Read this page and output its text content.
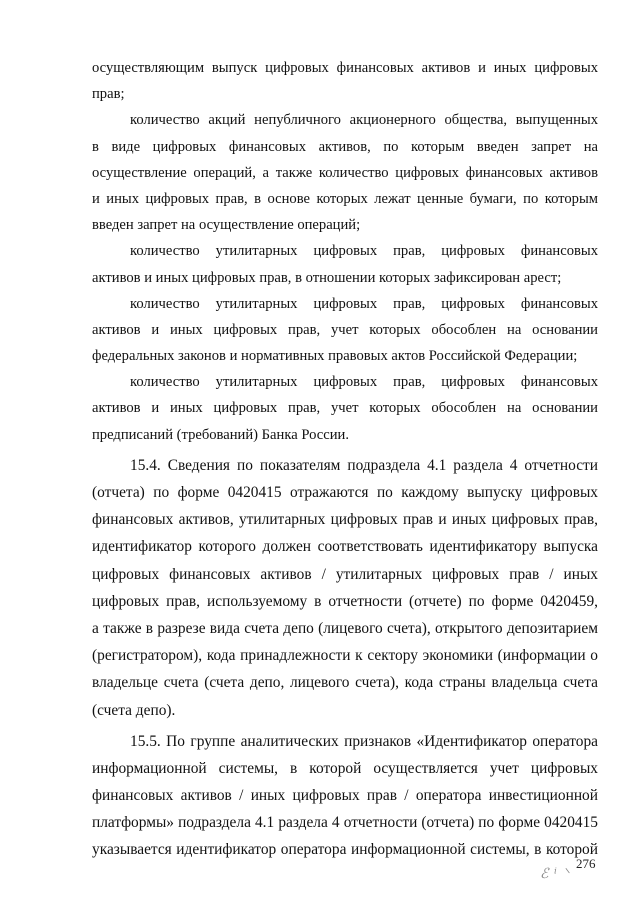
осуществляющим выпуск цифровых финансовых активов и иных цифровых
прав;
количество акций непубличного акционерного общества, выпущенных
в виде цифровых финансовых активов, по которым введен запрет на
осуществление операций, а также количество цифровых финансовых активов
и иных цифровых прав, в основе которых лежат ценные бумаги, по которым
введен запрет на осуществление операций;
количество утилитарных цифровых прав, цифровых финансовых
активов и иных цифровых прав, в отношении которых зафиксирован арест;
количество утилитарных цифровых прав, цифровых финансовых
активов и иных цифровых прав, учет которых обособлен на основании
федеральных законов и нормативных правовых актов Российской Федерации;
количество утилитарных цифровых прав, цифровых финансовых
активов и иных цифровых прав, учет которых обособлен на основании
предписаний (требований) Банка России.
15.4. Сведения по показателям подраздела 4.1 раздела 4 отчетности
(отчета) по форме 0420415 отражаются по каждому выпуску цифровых
финансовых активов, утилитарных цифровых прав и иных цифровых прав,
идентификатор которого должен соответствовать идентификатору выпуска
цифровых финансовых активов / утилитарных цифровых прав / иных
цифровых прав, используемому в отчетности (отчете) по форме 0420459,
а также в разрезе вида счета депо (лицевого счета), открытого депозитарием
(регистратором), кода принадлежности к сектору экономики (информации о
владельце счета (счета депо, лицевого счета), кода страны владельца счета
(счета депо).
15.5. По группе аналитических признаков «Идентификатор оператора
информационной системы, в которой осуществляется учет цифровых
финансовых активов / иных цифровых прав / оператора инвестиционной
платформы» подраздела 4.1 раздела 4 отчетности (отчета) по форме 0420415
указывается идентификатор оператора информационной системы, в которой
ℰ ⁱ ⸌
276
